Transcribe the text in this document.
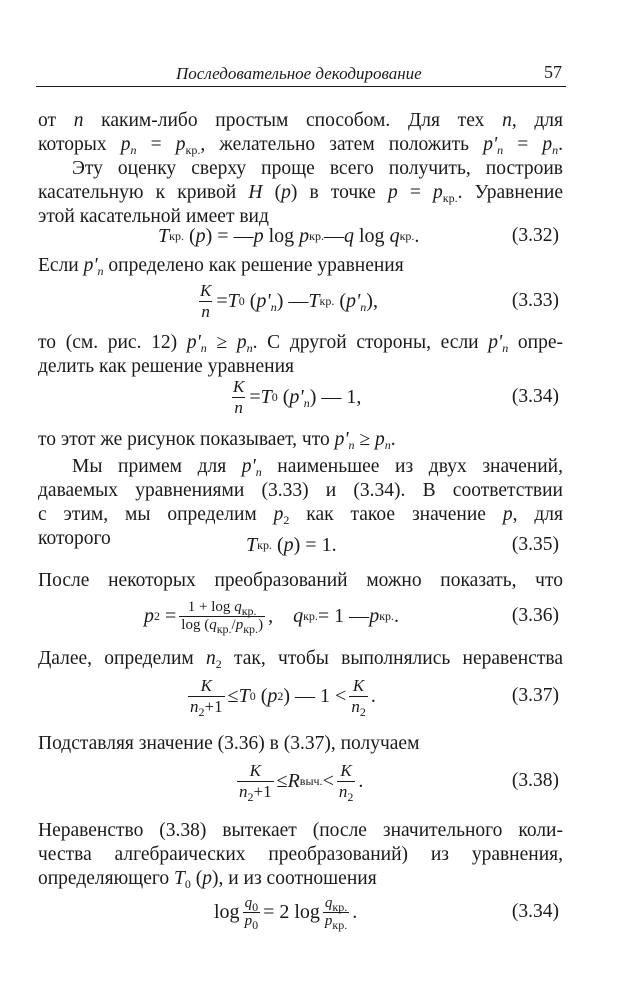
Последовательное декодирование	57
от n каким-либо простым способом. Для тех n, для
которых $p_n = p_{кр.}$, желательно затем положить $p'_n = p_n$.
Эту оценку сверху проще всего получить, построив
касательную к кривой H (p) в точке $p = p_{кр.}$. Уравнение
этой касательной имеет вид
T кр. ( p ) = — p log p кр. — q log q кр. .	(3.32)
Если $p'_n$ определено как решение уравнения
$\frac{K}{n} = T$ 0 ( $p'_n$ ) — T кр. ( $p'_n$ ),	(3.33)
то (см. рис. 12) $p'_n \ge p_n$. С другой стороны, если $p'_n$ опре-
делить как решение уравнения
$\frac{K}{n} = T$ 0 ( $p'_n$ ) — 1,	(3.34)
то этот же рисунок показывает, что $p'_n \ge p_n$.
Мы примем для $p'_n$ наименьшее из двух значений,
даваемых уравнениями (3.33) и (3.34). В соответствии
с этим, мы определим $p_2$ как такое значение p, для
которого	T кр. ( p ) = 1.	(3.35)
После некоторых преобразований можно показать, что
p $2 = \frac{1 + \log q_{кр.}}{\log (q_{кр.}/p_{кр.})}$ , q кр. = 1 — p кр. .	(3.36)
Далее, определим $n_2$ так, чтобы выполнялись неравенства
$\frac{K}{n_2+1} \le T$ 0 ( p 2 ) — $1 < \frac{K}{n_2}$ .	(3.37)
Подставляя значение (3.36) в (3.37), получаем
$\frac{K}{n_2+1} \le R$ выч. < $\frac{K}{n_2}$ .	(3.38)
Неравенство (3.38) вытекает (после значительного коли-
чества алгебраических преобразований) из уравнения,
определяющего $T_0$ (p), и из соотношения
$\log \frac{q_0}{p_0} = 2$ $\log \frac{q_{кр.}}{p_{кр.}}$ .	(3.34)
